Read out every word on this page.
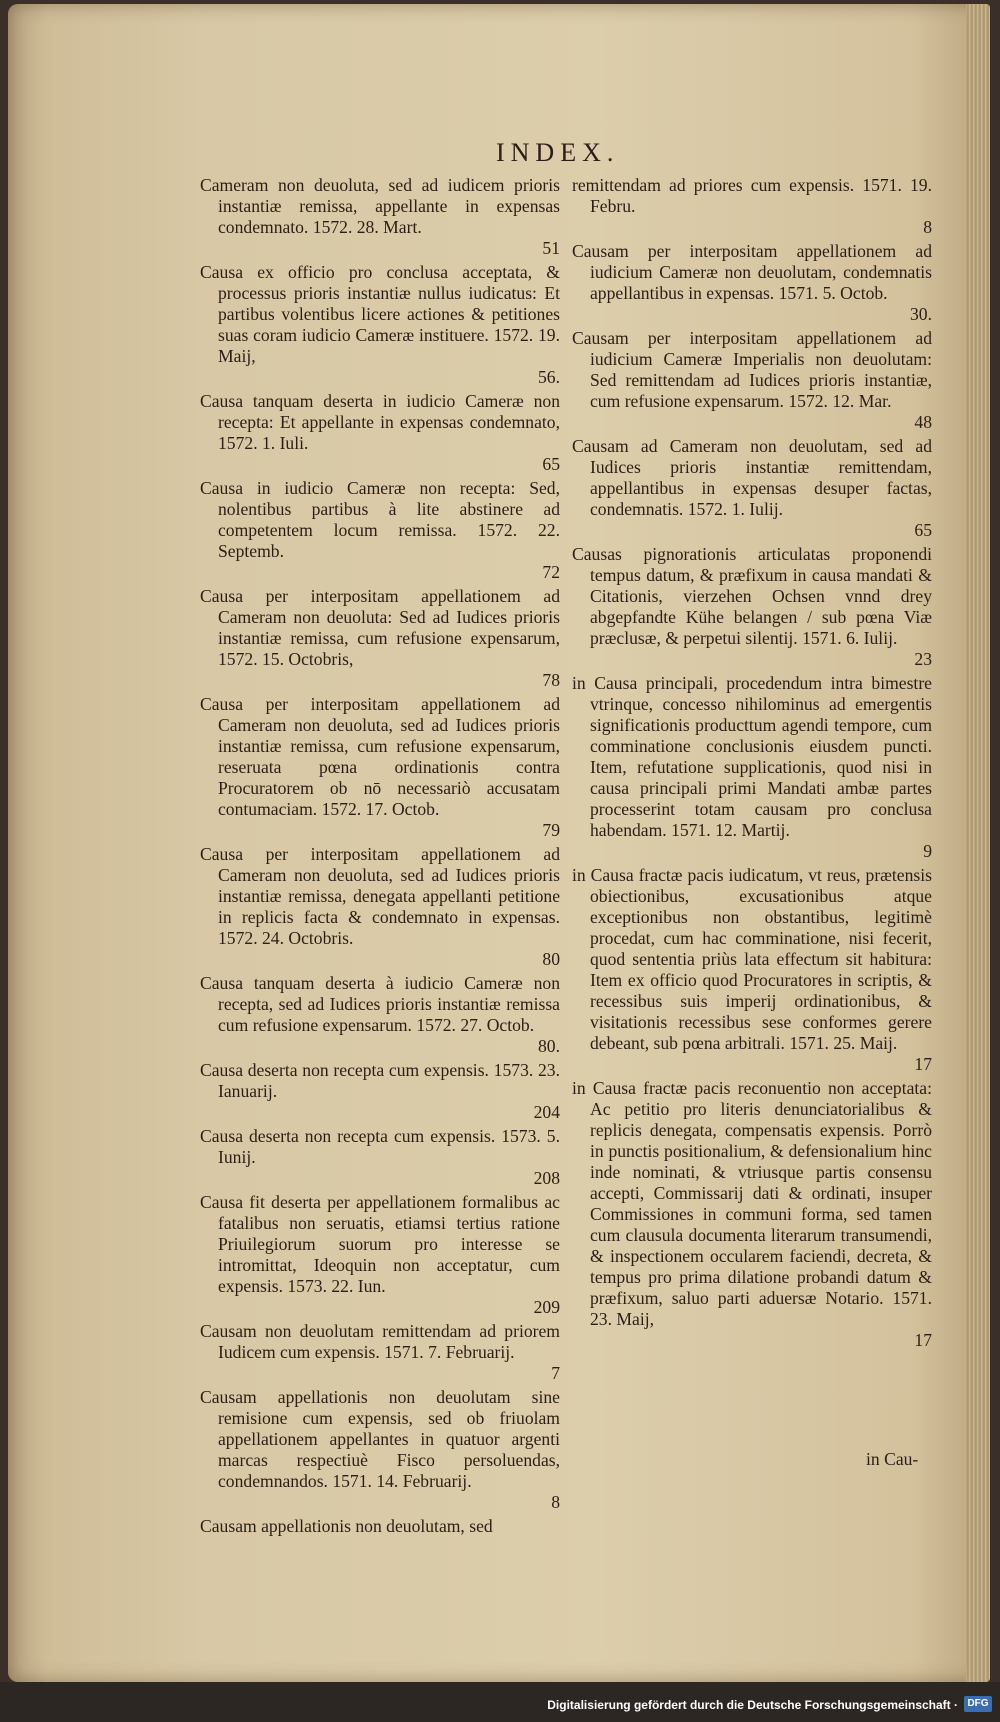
INDEX.
Cameram non deuoluta, sed ad iudicem prioris instantiæ remissa, appellante in expensas condemnato. 1572. 28. Mart.
51
Causa ex officio pro conclusa acceptata, & processus prioris instantiæ nullus iudicatus: Et partibus volentibus licere actiones & petitiones suas coram iudicio Cameræ instituere. 1572. 19. Maij,
56.
Causa tanquam deserta in iudicio Cameræ non recepta: Et appellante in expensas condemnato, 1572. 1. Iuli.
65
Causa in iudicio Cameræ non recepta: Sed, nolentibus partibus à lite abstinere ad competentem locum remissa. 1572. 22. Septemb.
72
Causa per interpositam appellationem ad Cameram non deuoluta: Sed ad Iudices prioris instantiæ remissa, cum refusione expensarum, 1572. 15. Octobris,
78
Causa per interpositam appellationem ad Cameram non deuoluta, sed ad Iudices prioris instantiæ remissa, cum refusione expensarum, reseruata pœna ordinationis contra Procuratorem ob nō necessariò accusatam contumaciam. 1572. 17. Octob.
79
Causa per interpositam appellationem ad Cameram non deuoluta, sed ad Iudices prioris instantiæ remissa, denegata appellanti petitione in replicis facta & condemnato in expensas. 1572. 24. Octobris.
80
Causa tanquam deserta à iudicio Cameræ non recepta, sed ad Iudices prioris instantiæ remissa cum refusione expensarum. 1572. 27. Octob.
80.
Causa deserta non recepta cum expensis. 1573. 23. Ianuarij.
204
Causa deserta non recepta cum expensis. 1573. 5. Iunij.
208
Causa fit deserta per appellationem formalibus ac fatalibus non seruatis, etiamsi tertius ratione Priuilegiorum suorum pro interesse se intromittat, Ideoquin non acceptatur, cum expensis. 1573. 22. Iun.
209
Causam non deuolutam remittendam ad priorem Iudicem cum expensis. 1571. 7. Februarij.
7
Causam appellationis non deuolutam sine remisione cum expensis, sed ob friuolam appellationem appellantes in quatuor argenti marcas respectiuè Fisco persoluendas, condemnandos. 1571. 14. Februarij.
8
Causam appellationis non deuolutam, sed
remittendam ad priores cum expensis. 1571. 19. Febru.
8
Causam per interpositam appellationem ad iudicium Cameræ non deuolutam, condemnatis appellantibus in expensas. 1571. 5. Octob.
30.
Causam per interpositam appellationem ad iudicium Cameræ Imperialis non deuolutam: Sed remittendam ad Iudices prioris instantiæ, cum refusione expensarum. 1572. 12. Mar.
48
Causam ad Cameram non deuolutam, sed ad Iudices prioris instantiæ remittendam, appellantibus in expensas desuper factas, condemnatis. 1572. 1. Iulij.
65
Causas pignorationis articulatas proponendi tempus datum, & præfixum in causa mandati & Citationis, vierzehen Ochsen vnnd drey abgepfandte Kühe belangen / sub pœna Viæ præclusæ, & perpetui silentij. 1571. 6. Iulij.
23
in Causa principali, procedendum intra bimestre vtrinque, concesso nihilominus ad emergentis significationis producttum agendi tempore, cum comminatione conclusionis eiusdem puncti. Item, refutatione supplicationis, quod nisi in causa principali primi Mandati ambæ partes processerint totam causam pro conclusa habendam. 1571. 12. Martij.
9
in Causa fractæ pacis iudicatum, vt reus, prætensis obiectionibus, excusationibus atque exceptionibus non obstantibus, legitimè procedat, cum hac comminatione, nisi fecerit, quod sententia priùs lata effectum sit habitura: Item ex officio quod Procuratores in scriptis, & recessibus suis imperij ordinationibus, & visitationis recessibus sese conformes gerere debeant, sub pœna arbitrali. 1571. 25. Maij.
17
in Causa fractæ pacis reconuentio non acceptata: Ac petitio pro literis denunciatorialibus & replicis denegata, compensatis expensis. Porrò in punctis positionalium, & defensionalium hinc inde nominati, & vtriusque partis consensu accepti, Commissarij dati & ordinati, insuper Commissiones in communi forma, sed tamen cum clausula documenta literarum transumendi, & inspectionem occularem faciendi, decreta, & tempus pro prima dilatione probandi datum & præfixum, saluo parti aduersæ Notario. 1571. 23. Maij,
17
in Cau-
Digitalisierung gefördert durch die Deutsche Forschungsgemeinschaft · DFG
